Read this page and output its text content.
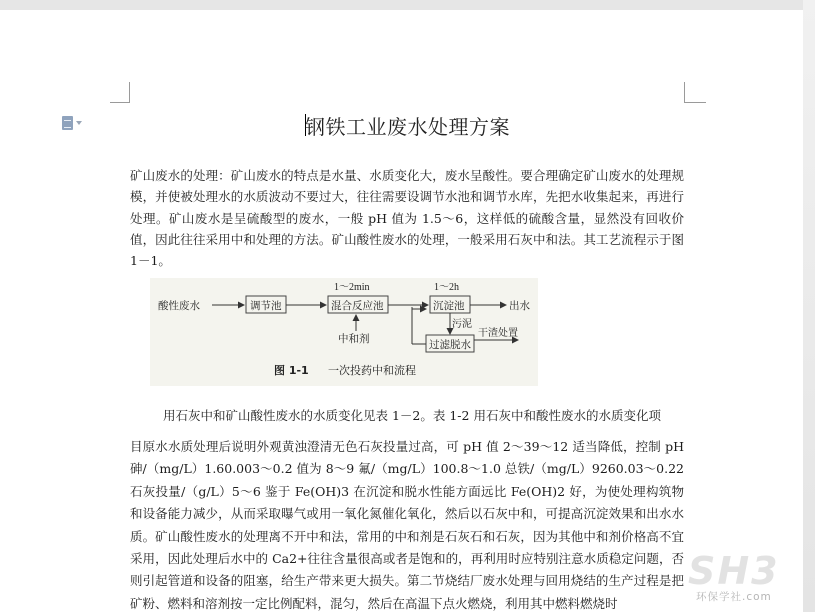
钢铁工业废水处理方案

矿山废水的处理：矿山废水的特点是水量、水质变化大，废水呈酸性。要合理确定矿山废水的处理规模，并使被处理水的水质波动不要过大，往往需要设调节水池和调节水库，先把水收集起来，再进行处理。矿山废水是呈硫酸型的废水，一般 pH 值为 1.5～6，这样低的硫酸含量，显然没有回收价值，因此往往采用中和处理的方法。矿山酸性废水的处理，一般采用石灰中和法。其工艺流程示于图 1－1。

酸性废水	调节池
1～2min
混合反应池
中和剂
1～2h
沉淀池	出水
污泥
过滤脱水
干渣处置
图 1-1 一次投药中和流程

用石灰中和矿山酸性废水的水质变化见表 1－2。表 1-2 用石灰中和酸性废水的水质变化项

目原水水质处理后说明外观黄浊澄清无色石灰投量过高，可 pH 值 2～39～12 适当降低，控制 pH 砷/（mg/L）1.60.003～0.2 值为 8～9 氟/（mg/L）100.8～1.0 总铁/（mg/L）9260.03～0.22 石灰投量/（g/L）5～6 鉴于 Fe(OH)3 在沉淀和脱水性能方面远比 Fe(OH)2 好，为使处理构筑物和设备能力减少，从而采取曝气或用一氧化氮催化氧化，然后以石灰中和，可提高沉淀效果和出水水质。矿山酸性废水的处理离不开中和法，常用的中和剂是石灰石和石灰，因为其他中和剂价格高不宜采用，因此处理后水中的 Ca2+往往含量很高或者是饱和的，再利用时应特别注意水质稳定问题，否则引起管道和设备的阻塞，给生产带来更大损失。第二节烧结厂废水处理与回用烧结的生产过程是把矿粉、燃料和溶剂按一定比例配料，混匀，然后在高温下点火燃烧，利用其中燃料燃烧时

SH3
环保学社.com
